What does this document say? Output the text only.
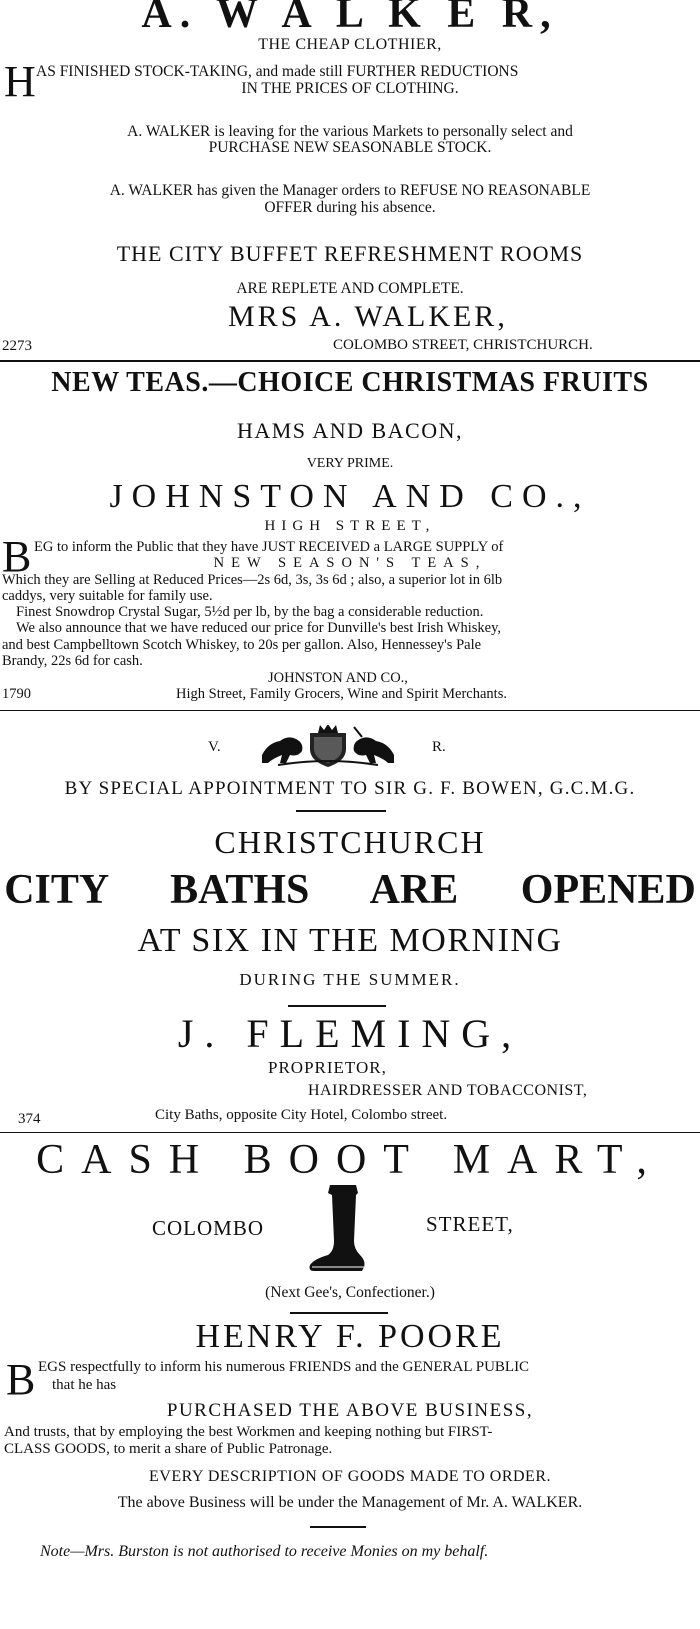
A. W A L K E R,
THE CHEAP CLOTHIER,
H AS FINISHED STOCK-TAKING, and made still FURTHER REDUCTIONS
IN THE PRICES OF CLOTHING.
A. WALKER is leaving for the various Markets to personally select and
PURCHASE NEW SEASONABLE STOCK.
A. WALKER has given the Manager orders to REFUSE NO REASONABLE
OFFER during his absence.
THE CITY BUFFET REFRESHMENT ROOMS
ARE REPLETE AND COMPLETE.
MRS A. WALKER,
2273	COLOMBO STREET, CHRISTCHURCH.
NEW TEAS.—CHOICE CHRISTMAS FRUITS
HAMS AND BACON,
VERY PRIME.
JOHNSTON AND CO.,
HIGH STREET,
B EG to inform the Public that they have JUST RECEIVED a LARGE SUPPLY of
NEW SEASON'S TEAS,
Which they are Selling at Reduced Prices—2s 6d, 3s, 3s 6d ; also, a superior lot in 6lb
caddys, very suitable for family use.
Finest Snowdrop Crystal Sugar, 5½d per lb, by the bag a considerable reduction.
We also announce that we have reduced our price for Dunville's best Irish Whiskey,
and best Campbelltown Scotch Whiskey, to 20s per gallon. Also, Hennessey's Pale
Brandy, 22s 6d for cash.
JOHNSTON AND CO.,
1790	High Street, Family Grocers, Wine and Spirit Merchants.
V.	R.
BY SPECIAL APPOINTMENT TO SIR G. F. BOWEN, G.C.M.G.
CHRISTCHURCH
CITY BATHS ARE OPENED
AT SIX IN THE MORNING
DURING THE SUMMER.
J. FLEMING,
PROPRIETOR,
HAIRDRESSER AND TOBACCONIST,
374	City Baths, opposite City Hotel, Colombo street.
CASH BOOT MART,
COLOMBO	STREET,
(Next Gee's, Confectioner.)
HENRY F. POORE
B EGS respectfully to inform his numerous FRIENDS and the GENERAL PUBLIC
that he has
PURCHASED THE ABOVE BUSINESS,
And trusts, that by employing the best Workmen and keeping nothing but FIRST-
CLASS GOODS, to merit a share of Public Patronage.
EVERY DESCRIPTION OF GOODS MADE TO ORDER.
The above Business will be under the Management of Mr. A. WALKER.
Note—Mrs. Burston is not authorised to receive Monies on my behalf.
